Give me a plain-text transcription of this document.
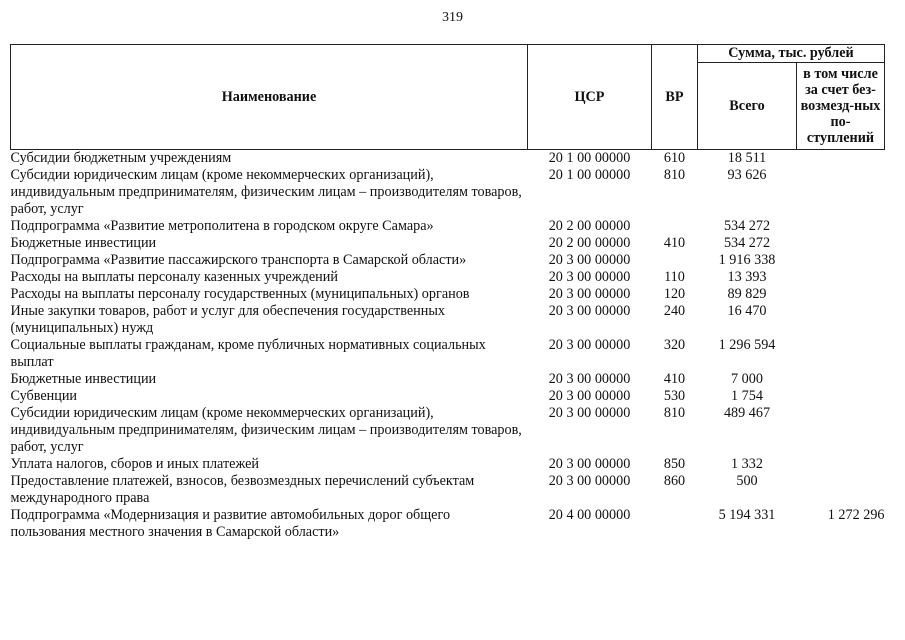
319
Наименование	ЦСР	ВР	Сумма, тыс. рублей	
			Всего	в том числе за счет без-возмезд-ных по-ступлений
Субсидии бюджетным учреждениям	20 1 00 00000	610	18 511	
Субсидии юридическим лицам (кроме некоммерческих организаций), индивидуальным предпринимателям, физическим лицам – производителям товаров, работ, услуг	20 1 00 00000	810	93 626	
Подпрограмма «Развитие метрополитена в городском округе Самара»	20 2 00 00000		534 272	
Бюджетные инвестиции	20 2 00 00000	410	534 272	
Подпрограмма «Развитие пассажирского транспорта в Самарской области»	20 3 00 00000		1 916 338	
Расходы на выплаты персоналу казенных учреждений	20 3 00 00000	110	13 393	
Расходы на выплаты персоналу государственных (муниципальных) органов	20 3 00 00000	120	89 829	
Иные закупки товаров, работ и услуг для обеспечения государственных (муниципальных) нужд	20 3 00 00000	240	16 470	
Социальные выплаты гражданам, кроме публичных нормативных социальных выплат	20 3 00 00000	320	1 296 594	
Бюджетные инвестиции	20 3 00 00000	410	7 000	
Субвенции	20 3 00 00000	530	1 754	
Субсидии юридическим лицам (кроме некоммерческих организаций), индивидуальным предпринимателям, физическим лицам – производителям товаров, работ, услуг	20 3 00 00000	810	489 467	
Уплата налогов, сборов и иных платежей	20 3 00 00000	850	1 332	
Предоставление платежей, взносов, безвозмездных перечислений субъектам международного права	20 3 00 00000	860	500	
Подпрограмма «Модернизация и развитие автомобильных дорог общего пользования местного значения в Самарской области»	20 4 00 00000		5 194 331	1 272 296
